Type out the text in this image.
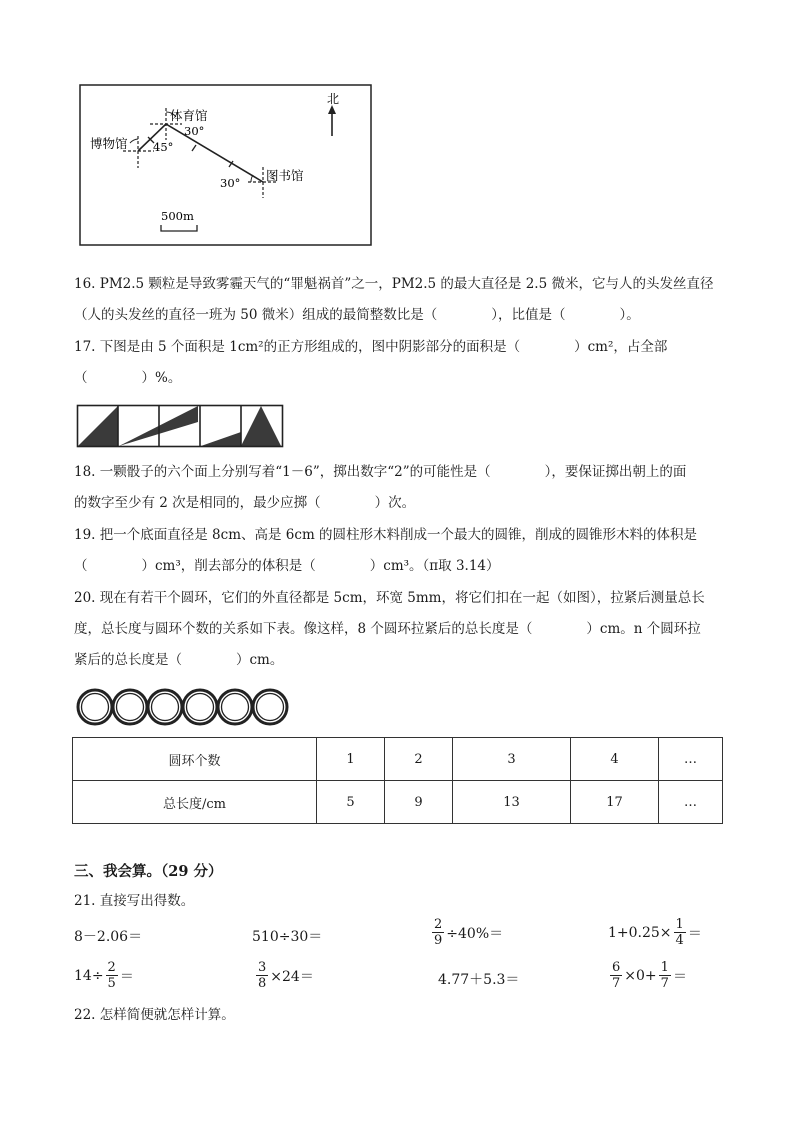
北
体育馆
博物馆
图书馆
30°
45°
30°
500m
16. PM2.5 颗粒是导致雾霾天气的“罪魁祸首”之一，PM2.5 的最大直径是 2.5 微米，它与人的头发丝直径
（人的头发丝的直径一班为 50 微米）组成的最简整数比是（　　　　），比值是（　　　　）。
17. 下图是由 5 个面积是 1cm²的正方形组成的，图中阴影部分的面积是（　　　　）cm²，占全部
（　　　　）%。
18. 一颗骰子的六个面上分别写着“1－6”，掷出数字“2”的可能性是（　　　　），要保证掷出朝上的面
的数字至少有 2 次是相同的，最少应掷（　　　　）次。
19. 把一个底面直径是 8cm、高是 6cm 的圆柱形木料削成一个最大的圆锥，削成的圆锥形木料的体积是
（　　　　）cm³，削去部分的体积是（　　　　）cm³。（π取 3.14）
20. 现在有若干个圆环，它们的外直径都是 5cm，环宽 5mm，将它们扣在一起（如图），拉紧后测量总长
度，总长度与圆环个数的关系如下表。像这样，8 个圆环拉紧后的总长度是（　　　　）cm。n 个圆环拉
紧后的总长度是（　　　　）cm。
圆环个数	1	2	3	4	…
总长度/cm	5	9	13	17	…
三、我会算。（29 分）
21. 直接写出得数。
8－2.06＝	510÷30＝	$\frac{2}{9} \div 40\%=$	$1+0.25\times \frac{1}{4}$ ＝
$14\div \frac{2}{5}$ ＝	$\frac{3}{8} \times 24=$	4.77＋5.3＝	$\frac{6}{7} \times 0+ \frac{1}{7}$ ＝
22. 怎样简便就怎样计算。
